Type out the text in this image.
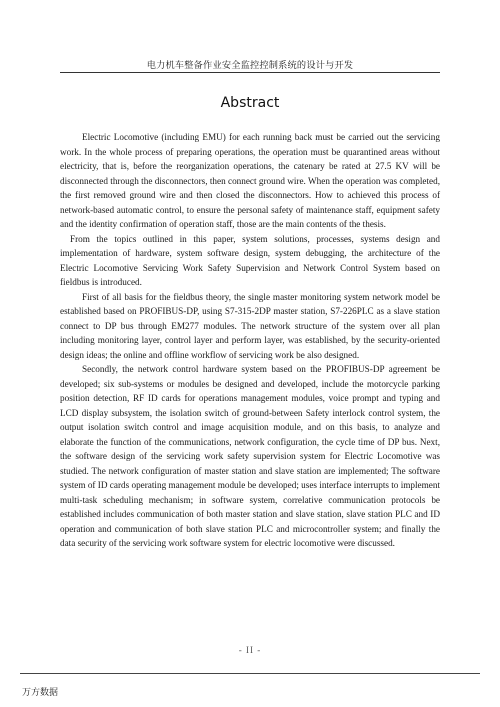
电力机车整备作业安全监控控制系统的设计与开发
Abstract

Electric Locomotive (including EMU) for each running back must be carried out the servicing work. In the whole process of preparing operations, the operation must be quarantined areas without electricity, that is, before the reorganization operations, the catenary be rated at 27.5 KV will be disconnected through the disconnectors, then connect ground wire. When the operation was completed, the first removed ground wire and then closed the disconnectors. How to achieved this process of network-based automatic control, to ensure the personal safety of maintenance staff, equipment safety and the identity confirmation of operation staff, those are the main contents of the thesis.

From the topics outlined in this paper, system solutions, processes, systems design and implementation of hardware, system software design, system debugging, the architecture of the Electric Locomotive Servicing Work Safety Supervision and Network Control System based on fieldbus is introduced.

First of all basis for the fieldbus theory, the single master monitoring system network model be established based on PROFIBUS-DP, using S7-315-2DP master station, S7-226PLC as a slave station connect to DP bus through EM277 modules. The network structure of the system over all plan including monitoring layer, control layer and perform layer, was established, by the security-oriented design ideas; the online and offline workflow of servicing work be also designed.

Secondly, the network control hardware system based on the PROFIBUS-DP agreement be developed; six sub-systems or modules be designed and developed, include the motorcycle parking position detection, RF ID cards for operations management modules, voice prompt and typing and LCD display subsystem, the isolation switch of ground-between Safety interlock control system, the output isolation switch control and image acquisition module, and on this basis, to analyze and elaborate the function of the communications, network configuration, the cycle time of DP bus. Next, the software design of the servicing work safety supervision system for Electric Locomotive was studied. The network configuration of master station and slave station are implemented; The software system of ID cards operating management module be developed; uses interface interrupts to implement multi-task scheduling mechanism; in software system, correlative communication protocols be established includes communication of both master station and slave station, slave station PLC and ID operation and communication of both slave station PLC and microcontroller system; and finally the data security of the servicing work software system for electric locomotive were discussed.

- II -
万方数据
